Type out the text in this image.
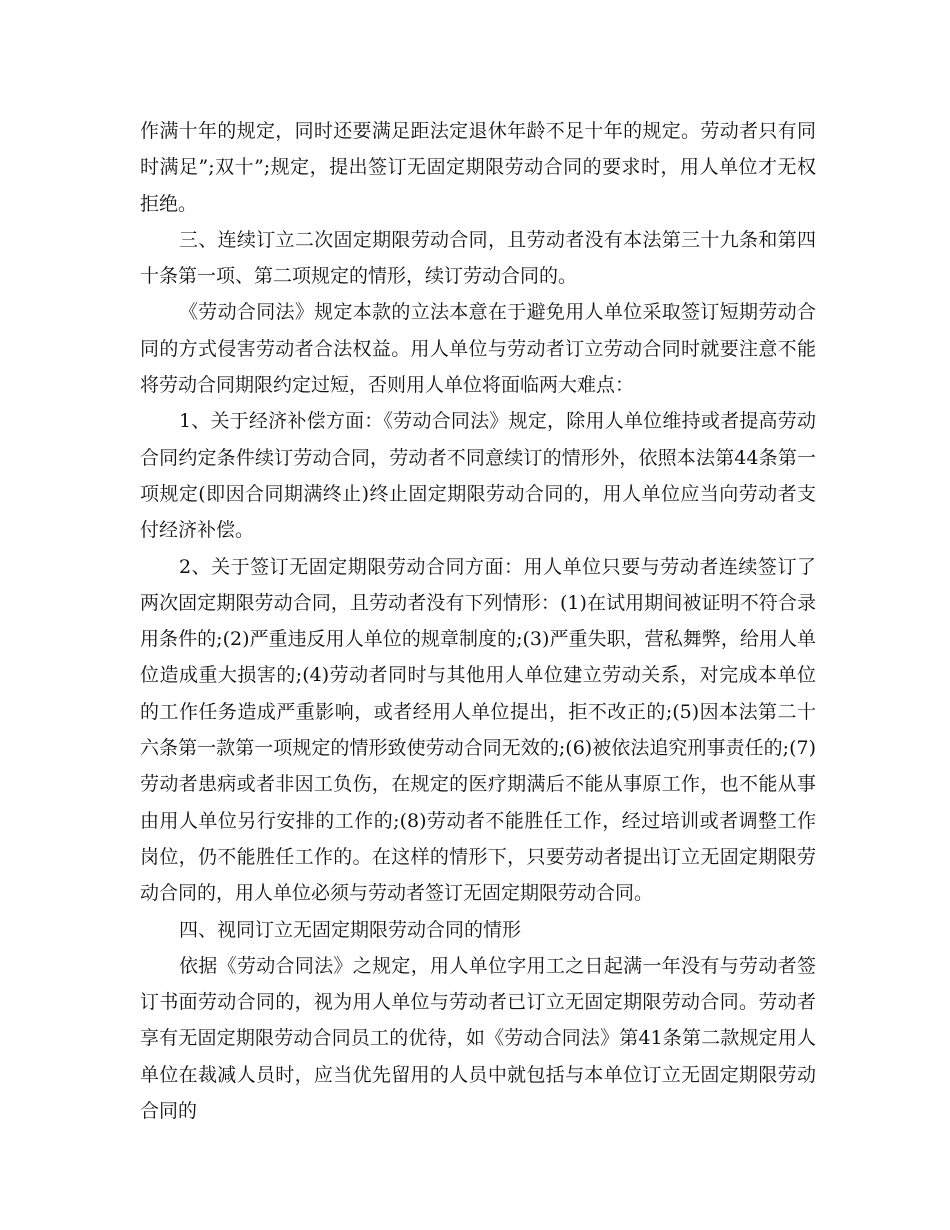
作满十年的规定，同时还要满足距法定退休年龄不足十年的规定。劳动者只有同时满足”;双十”;规定，提出签订无固定期限劳动合同的要求时，用人单位才无权拒绝。

三、连续订立二次固定期限劳动合同，且劳动者没有本法第三十九条和第四十条第一项、第二项规定的情形，续订劳动合同的。

《劳动合同法》规定本款的立法本意在于避免用人单位采取签订短期劳动合同的方式侵害劳动者合法权益。用人单位与劳动者订立劳动合同时就要注意不能将劳动合同期限约定过短，否则用人单位将面临两大难点：

1、关于经济补偿方面：《劳动合同法》规定，除用人单位维持或者提高劳动合同约定条件续订劳动合同，劳动者不同意续订的情形外，依照本法第44条第一项规定(即因合同期满终止)终止固定期限劳动合同的，用人单位应当向劳动者支付经济补偿。

2、关于签订无固定期限劳动合同方面：用人单位只要与劳动者连续签订了两次固定期限劳动合同，且劳动者没有下列情形：(1)在试用期间被证明不符合录用条件的;(2)严重违反用人单位的规章制度的;(3)严重失职，营私舞弊，给用人单位造成重大损害的;(4)劳动者同时与其他用人单位建立劳动关系，对完成本单位的工作任务造成严重影响，或者经用人单位提出，拒不改正的;(5)因本法第二十六条第一款第一项规定的情形致使劳动合同无效的;(6)被依法追究刑事责任的;(7)劳动者患病或者非因工负伤，在规定的医疗期满后不能从事原工作，也不能从事由用人单位另行安排的工作的;(8)劳动者不能胜任工作，经过培训或者调整工作岗位，仍不能胜任工作的。在这样的情形下，只要劳动者提出订立无固定期限劳动合同的，用人单位必须与劳动者签订无固定期限劳动合同。

四、视同订立无固定期限劳动合同的情形

依据《劳动合同法》之规定，用人单位字用工之日起满一年没有与劳动者签订书面劳动合同的，视为用人单位与劳动者已订立无固定期限劳动合同。劳动者享有无固定期限劳动合同员工的优待，如《劳动合同法》第41条第二款规定用人单位在裁减人员时，应当优先留用的人员中就包括与本单位订立无固定期限劳动合同的
